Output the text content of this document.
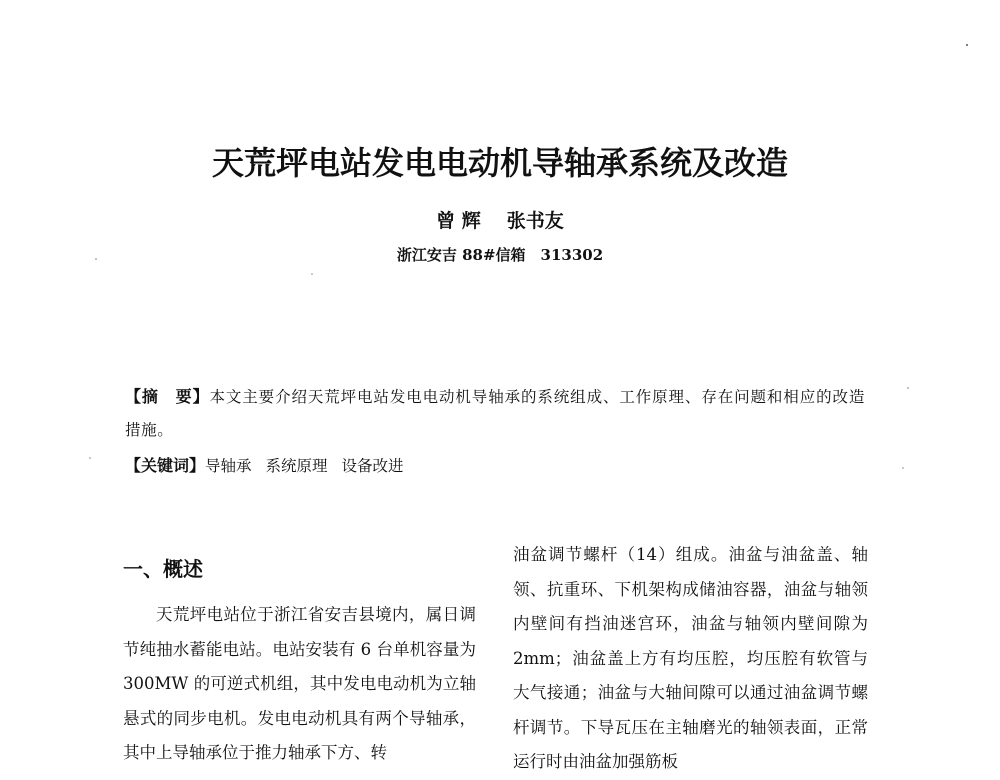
天荒坪电站发电电动机导轴承系统及改造
曾 辉 张书友
浙江安吉 88#信箱　313302
【摘　要】本文主要介绍天荒坪电站发电电动机导轴承的系统组成、工作原理、存在问题和相应的改造措施。
【关键词】导轴承 系统原理 设备改进
一、概述

天荒坪电站位于浙江省安吉县境内，属日调节纯抽水蓄能电站。电站安装有 6 台单机容量为 300MW 的可逆式机组，其中发电电动机为立轴悬式的同步电机。发电电动机具有两个导轴承，其中上导轴承位于推力轴承下方、转

油盆调节螺杆（14）组成。油盆与油盆盖、轴领、抗重环、下机架构成储油容器，油盆与轴领内壁间有挡油迷宫环，油盆与轴领内壁间隙为 2mm；油盆盖上方有均压腔，均压腔有软管与大气接通；油盆与大轴间隙可以通过油盆调节螺杆调节。下导瓦压在主轴磨光的轴领表面，正常运行时由油盆加强筋板
